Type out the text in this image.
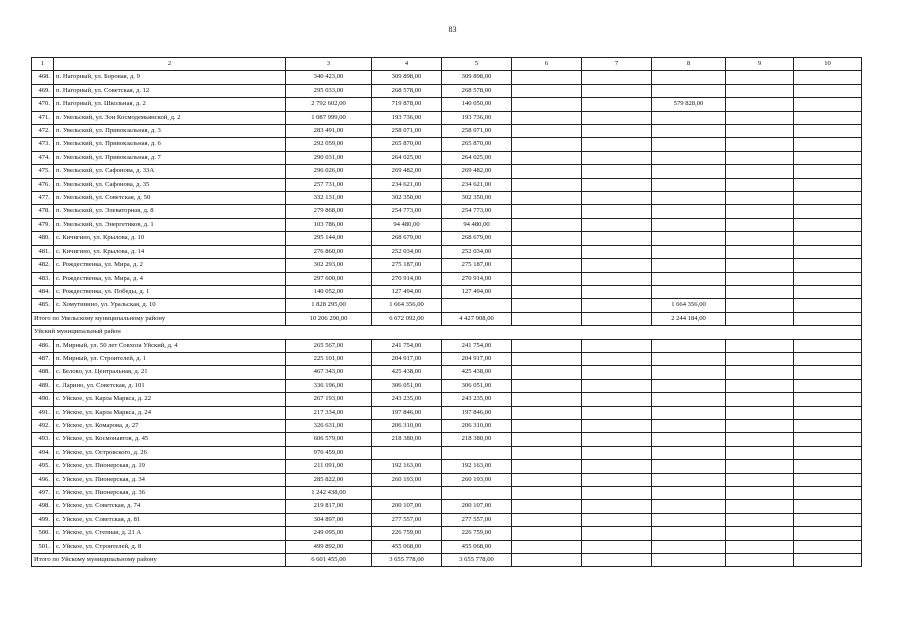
83
1	2	3	4	5	6	7	8	9	10
468.	п. Нагорный, ул. Боровая, д. 9	340 423,00	309 898,00	309 898,00					
469.	п. Нагорный, ул. Советская, д. 12	295 033,00	268 578,00	268 578,00					
470.	п. Нагорный, ул. Школьная, д. 2	2 792 602,00	719 878,00	140 050,00			579 828,00		
471.	п. Увельский, ул. Зои Космодемьянской, д. 2	1 087 999,00	193 736,00	193 736,00					
472.	п. Увельский, ул. Привокзальная, д. 3	283 491,00	258 071,00	258 071,00					
473.	п. Увельский, ул. Привокзальная, д. 6	292 059,00	265 870,00	265 870,00					
474.	п. Увельский, ул. Привокзальная, д. 7	290 031,00	264 025,00	264 025,00					
475.	п. Увельский, ул. Сафонова, д. 33А	296 026,00	269 482,00	269 482,00					
476.	п. Увельский, ул. Сафонова, д. 35	257 731,00	234 621,00	234 621,00					
477.	п. Увельский, ул. Советская, д. 50	332 131,00	302 350,00	302 350,00					
478.	п. Увельский, ул. Элеваторная, д. 8	279 868,00	254 773,00	254 773,00					
479.	п. Увельский, ул. Энергетиков, д. 1	103 786,00	94 480,00	94 480,00					
480.	с. Кичигино, ул. Крылова, д. 10	295 144,00	268 679,00	268 679,00					
481.	с. Кичигино, ул. Крылова, д. 14	276 860,00	252 034,00	252 034,00					
482.	с. Рождественка, ул. Мира, д. 2	302 293,00	275 187,00	275 187,00					
483.	с. Рождественка, ул. Мира, д. 4	297 600,00	270 914,00	270 914,00					
484.	с. Рождественка, ул. Победы, д. 1	140 052,00	127 494,00	127 494,00					
485.	с. Хомутинино, ул. Уральская, д. 10	1 828 295,00	1 664 356,00				1 664 356,00		
Итого по Увельскому муниципальному району		10 206 290,00	6 672 092,00	4 427 908,00			2 244 184,00		
Уйский муниципальный район									
486.	п. Мирный, ул. 50 лет Совхоза Уйский, д. 4	265 567,00	241 754,00	241 754,00					
487.	п. Мирный, ул. Строителей, д. 1	225 101,00	204 917,00	204 917,00					
488.	с. Белово, ул. Центральная, д. 21	467 343,00	425 438,00	425 438,00					
489.	с. Ларино, ул. Советская, д. 101	336 196,00	306 051,00	306 051,00					
490.	с. Уйское, ул. Карла Маркса, д. 22	267 193,00	243 235,00	243 235,00					
491.	с. Уйское, ул. Карла Маркса, д. 24	217 334,00	197 846,00	197 846,00					
492.	с. Уйское, ул. Комарова, д. 27	326 631,00	206 310,00	206 310,00					
493.	с. Уйское, ул. Космонавтов, д. 45	606 579,00	218 380,00	218 380,00					
494.	с. Уйское, ул. Островского, д. 26	976 459,00							
495.	с. Уйское, ул. Пионерская, д. 19	211 091,00	192 163,00	192 163,00					
496.	с. Уйское, ул. Пионерская, д. 34	285 822,00	260 193,00	260 193,00					
497.	с. Уйское, ул. Пионерская, д. 36	1 242 438,00							
498.	с. Уйское, ул. Советская, д. 74	219 817,00	200 107,00	200 107,00					
499.	с. Уйское, ул. Советская, д. 81	304 897,00	277 557,00	277 557,00					
500.	с. Уйское, ул. Степная, д. 21 А	249 095,00	226 759,00	226 759,00					
501.	с. Уйское, ул. Строителей, д. 8	499 892,00	455 068,00	455 068,00					
Итого по Уйскому муниципальному району		6 601 455,00	3 655 778,00	3 655 778,00					
